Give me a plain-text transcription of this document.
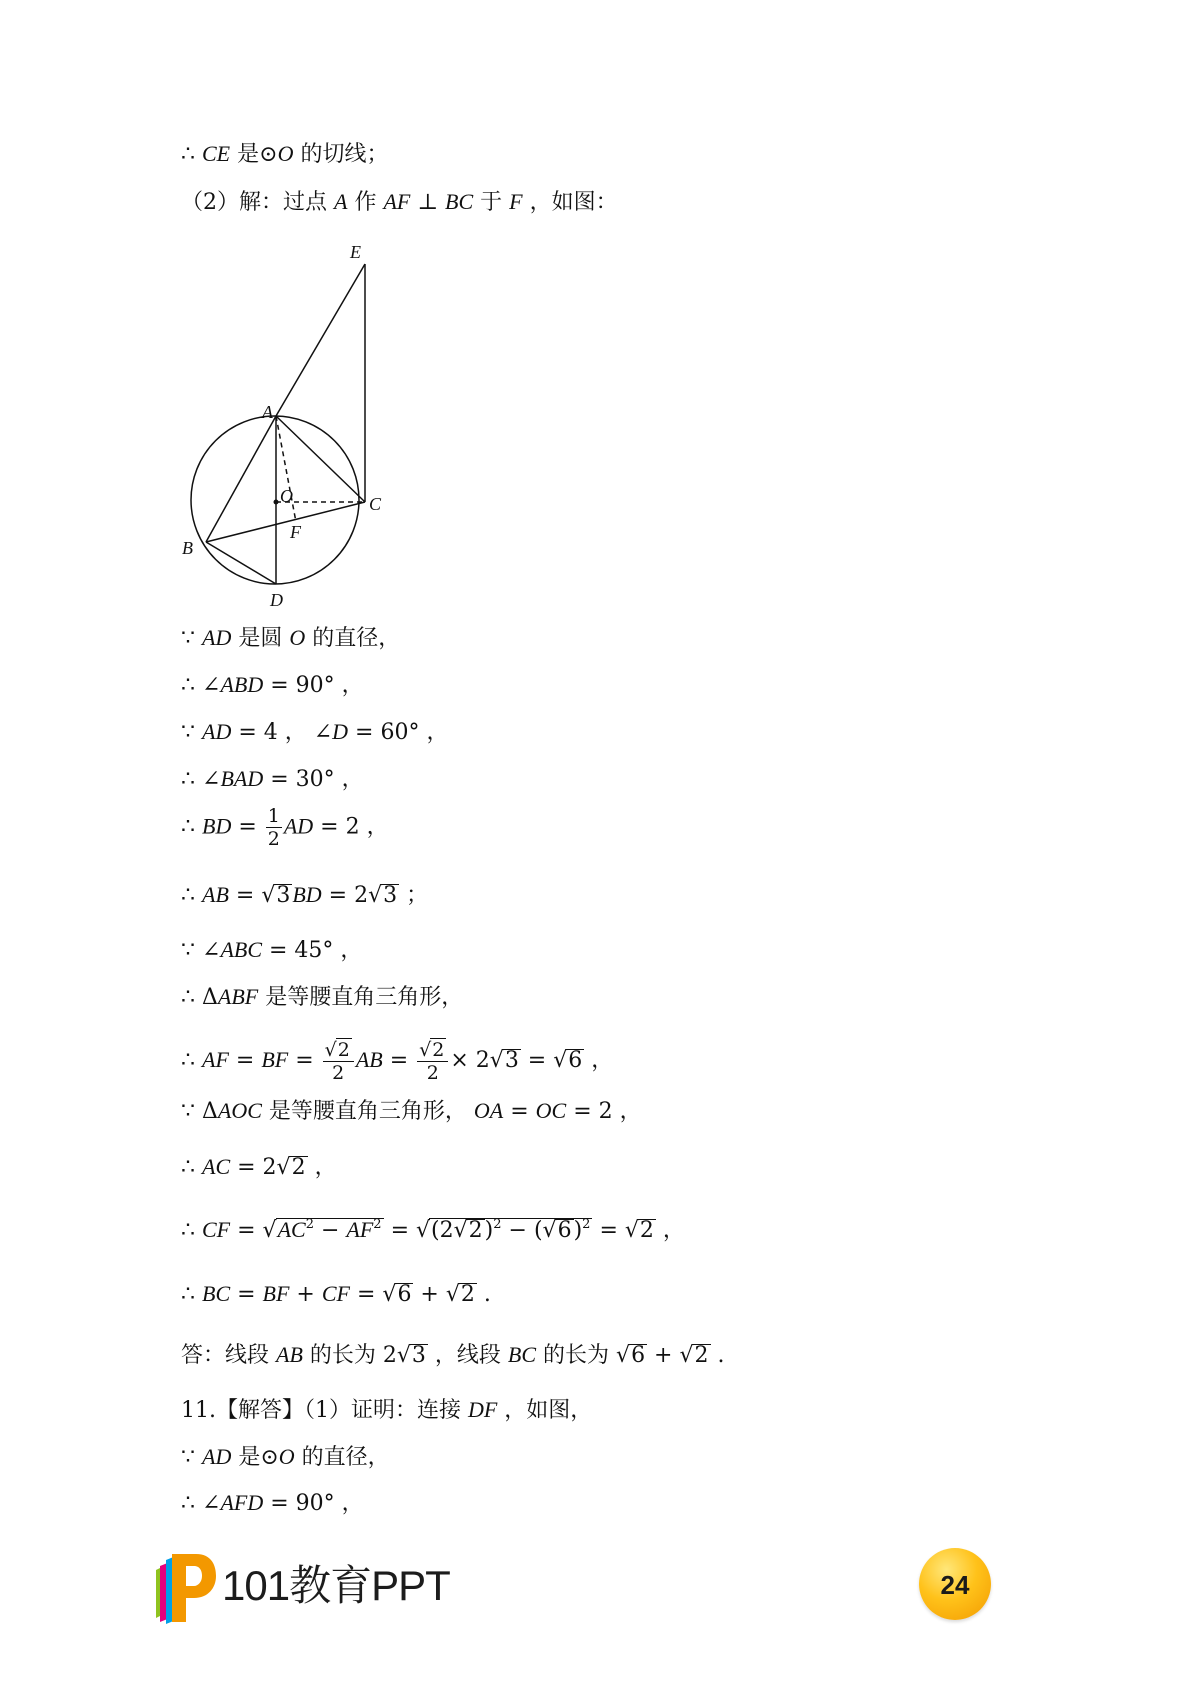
∴ CE 是⊙O 的切线；
（2）解：过点 A 作 AF ⊥ BC 于 F ，如图：
E
A
O	C
F
B
D
∵ AD 是圆 O 的直径，
∴ ∠ABD = 90° ，
∵ AD = 4 ， ∠D = 60° ，
∴ ∠BAD = 30° ，
∴ BD = $\frac{1}{2}$ AD = 2 ，
∴ AB = √3BD = 2√3 ；
∵ ∠ABC = 45° ，
∴ ΔABF 是等腰直角三角形，
∴ AF = BF = $\frac{√2}{2}$ AB = $\frac{√2}{2} \times 2√3 = √6$ ，
∵ ΔAOC 是等腰直角三角形， OA = OC = 2 ，
∴ AC = 2√2 ，
∴ CF = $√AC^2 - AF^2 = √(2√2)^2 - (√6)^2 = √2$ ，
∴ BC = BF + CF = √6 + √2 .
答：线段 AB 的长为 2√3 ，线段 BC 的长为 √6 + √2 .
11.【解答】（1）证明：连接 DF ，如图，
∵ AD 是⊙O 的直径，
∴ ∠AFD = 90° ，
101教育PPT	24
